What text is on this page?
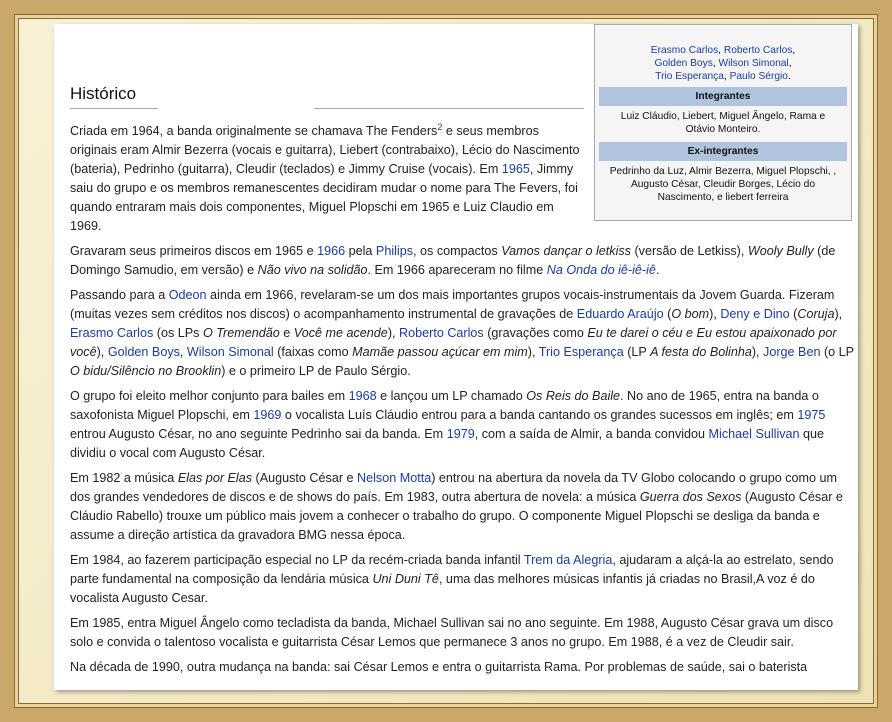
Erasmo Carlos, Roberto Carlos,
Golden Boys, Wilson Simonal,
Trio Esperança, Paulo Sérgio.
Integrantes
Luiz Cláudio, Liebert, Miguel Ângelo, Rama e Otávio Monteiro.
Ex-integrantes
Pedrinho da Luz, Almir Bezerra, Miguel Plopschi, , Augusto César, Cleudir Borges, Lécio do Nascimento, e liebert ferreira
Histórico

Criada em 1964, a banda originalmente se chamava The Fenders$^2$ e seus membros originais eram Almir Bezerra (vocais e guitarra), Liebert (contrabaixo), Lécio do Nascimento (bateria), Pedrinho (guitarra), Cleudir (teclados) e Jimmy Cruise (vocais). Em 1965, Jimmy saiu do grupo e os membros remanescentes decidiram mudar o nome para The Fevers, foi quando entraram mais dois componentes, Miguel Plopschi em 1965 e Luiz Claudio em 1969.

Gravaram seus primeiros discos em 1965 e 1966 pela Philips, os compactos Vamos dançar o letkiss (versão de Letkiss), Wooly Bully (de Domingo Samudio, em versão) e Não vivo na solidão. Em 1966 apareceram no filme Na Onda do iê-iê-iê.

Passando para a Odeon ainda em 1966, revelaram-se um dos mais importantes grupos vocais-instrumentais da Jovem Guarda. Fizeram (muitas vezes sem créditos nos discos) o acompanhamento instrumental de gravações de Eduardo Araújo (O bom), Deny e Dino (Coruja), Erasmo Carlos (os LPs O Tremendão e Você me acende), Roberto Carlos (gravações como Eu te darei o céu e Eu estou apaixonado por você), Golden Boys, Wilson Simonal (faixas como Mamãe passou açúcar em mim), Trio Esperança (LP A festa do Bolinha), Jorge Ben (o LP O bidu/Silêncio no Brooklin) e o primeiro LP de Paulo Sérgio.

O grupo foi eleito melhor conjunto para bailes em 1968 e lançou um LP chamado Os Reis do Baile. No ano de 1965, entra na banda o saxofonista Miguel Plopschi, em 1969 o vocalista Luís Cláudio entrou para a banda cantando os grandes sucessos em inglês; em 1975 entrou Augusto César, no ano seguinte Pedrinho sai da banda. Em 1979, com a saída de Almir, a banda convidou Michael Sullivan que dividiu o vocal com Augusto César.

Em 1982 a música Elas por Elas (Augusto César e Nelson Motta) entrou na abertura da novela da TV Globo colocando o grupo como um dos grandes vendedores de discos e de shows do país. Em 1983, outra abertura de novela: a música Guerra dos Sexos (Augusto César e Cláudio Rabello) trouxe um público mais jovem a conhecer o trabalho do grupo. O componente Miguel Plopschi se desliga da banda e assume a direção artística da gravadora BMG nessa época.

Em 1984, ao fazerem participação especial no LP da recém-criada banda infantil Trem da Alegria, ajudaram a alçá-la ao estrelato, sendo parte fundamental na composição da lendária música Uni Duni Tê, uma das melhores músicas infantis já criadas no Brasil,A voz é do vocalista Augusto Cesar.

Em 1985, entra Miguel Ângelo como tecladista da banda, Michael Sullivan sai no ano seguinte. Em 1988, Augusto César grava um disco solo e convida o talentoso vocalista e guitarrista César Lemos que permanece 3 anos no grupo. Em 1988, é a vez de Cleudir sair.

Na década de 1990, outra mudança na banda: sai César Lemos e entra o guitarrista Rama. Por problemas de saúde, sai o baterista
